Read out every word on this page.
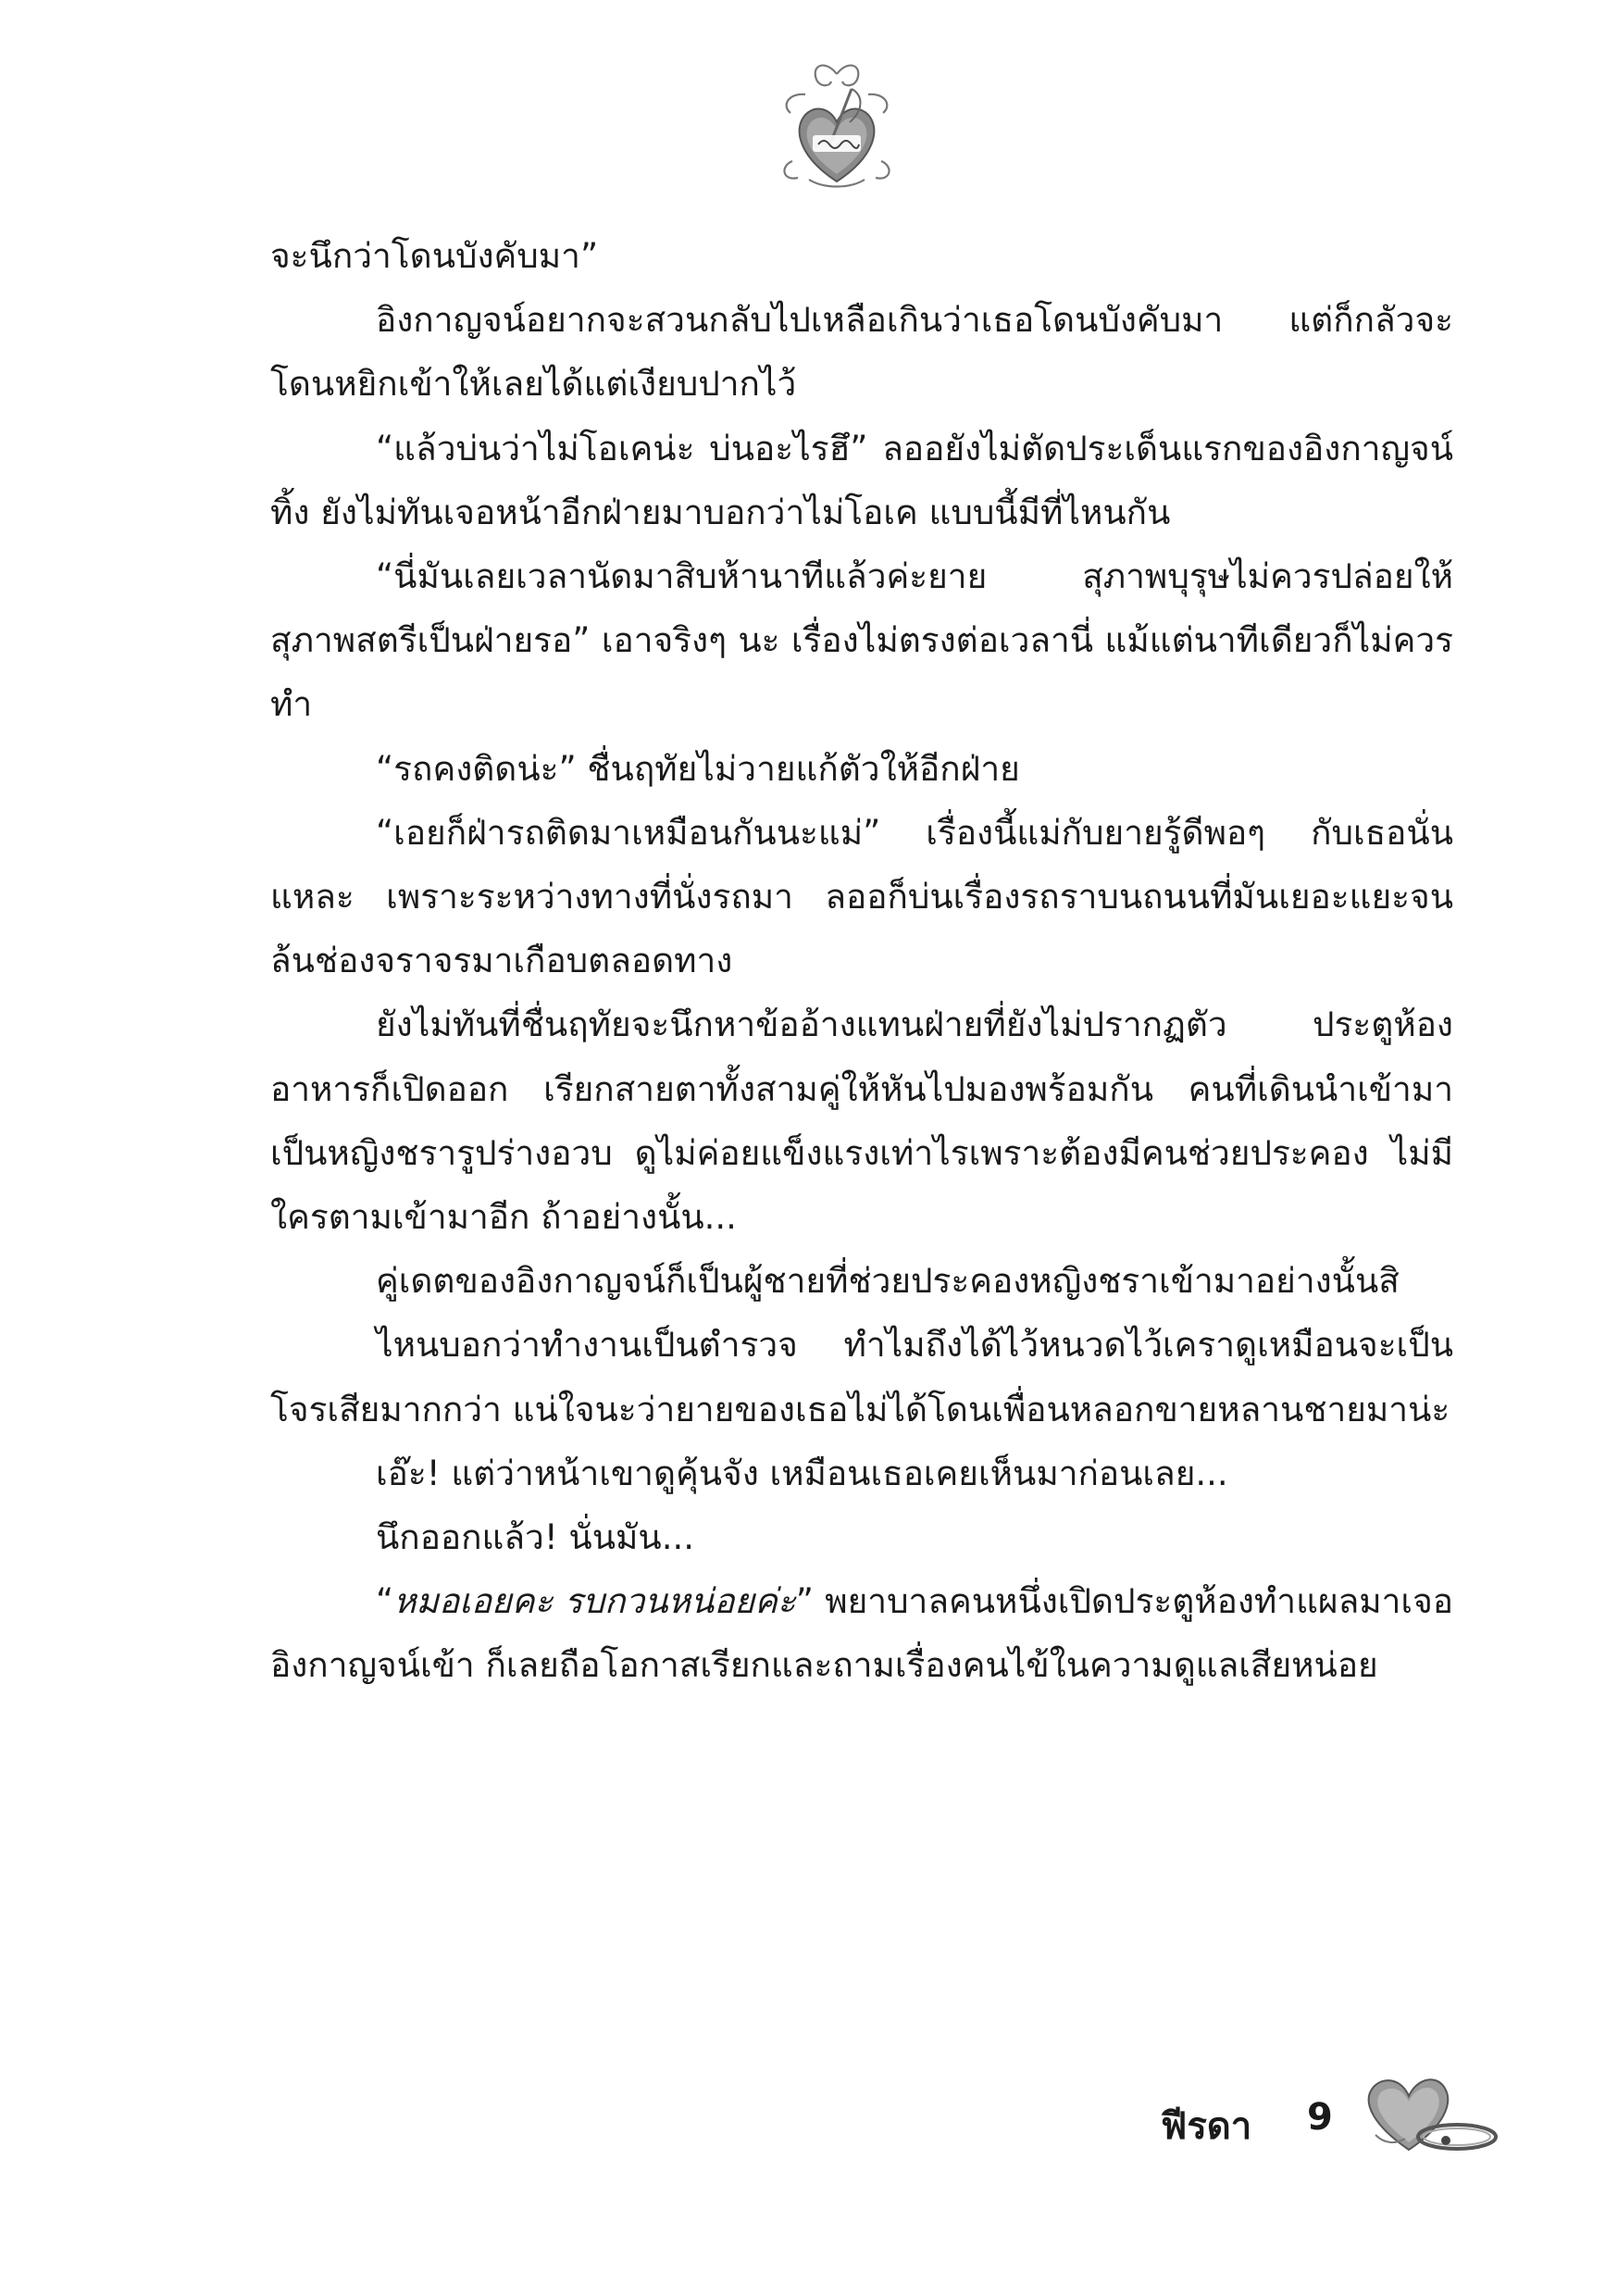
จะนึกว่าโดนบังคับมา”

อิงกาญจน์อยากจะสวนกลับไปเหลือเกินว่าเธอโดนบังคับมา แต่ก็กลัวจะโดนหยิกเข้าให้เลยได้แต่เงียบปากไว้

“แล้วบ่นว่าไม่โอเคน่ะ บ่นอะไรฮึ” ลออยังไม่ตัดประเด็นแรกของอิงกาญจน์ทิ้ง ยังไม่ทันเจอหน้าอีกฝ่ายมาบอกว่าไม่โอเค แบบนี้มีที่ไหนกัน

“นี่มันเลยเวลานัดมาสิบห้านาทีแล้วค่ะยาย สุภาพบุรุษไม่ควรปล่อยให้สุภาพสตรีเป็นฝ่ายรอ” เอาจริงๆ นะ เรื่องไม่ตรงต่อเวลานี่ แม้แต่นาทีเดียวก็ไม่ควรทำ

“รถคงติดน่ะ” ชื่นฤทัยไม่วายแก้ตัวให้อีกฝ่าย

“เอยก็ฝ่ารถติดมาเหมือนกันนะแม่” เรื่องนี้แม่กับยายรู้ดีพอๆ กับเธอนั่นแหละ เพราะระหว่างทางที่นั่งรถมา ลออก็บ่นเรื่องรถราบนถนนที่มันเยอะแยะจนล้นช่องจราจรมาเกือบตลอดทาง

ยังไม่ทันที่ชื่นฤทัยจะนึกหาข้ออ้างแทนฝ่ายที่ยังไม่ปรากฏตัว ประตูห้องอาหารก็เปิดออก เรียกสายตาทั้งสามคู่ให้หันไปมองพร้อมกัน คนที่เดินนำเข้ามาเป็นหญิงชรารูปร่างอวบ ดูไม่ค่อยแข็งแรงเท่าไรเพราะต้องมีคนช่วยประคอง ไม่มีใครตามเข้ามาอีก ถ้าอย่างนั้น...

คู่เดตของอิงกาญจน์ก็เป็นผู้ชายที่ช่วยประคองหญิงชราเข้ามาอย่างนั้นสิ

ไหนบอกว่าทำงานเป็นตำรวจ ทำไมถึงได้ไว้หนวดไว้เคราดูเหมือนจะเป็นโจรเสียมากกว่า แน่ใจนะว่ายายของเธอไม่ได้โดนเพื่อนหลอกขายหลานชายมาน่ะ

เอ๊ะ! แต่ว่าหน้าเขาดูคุ้นจัง เหมือนเธอเคยเห็นมาก่อนเลย...

นึกออกแล้ว! นั่นมัน...

“หมอเอยคะ รบกวนหน่อยค่ะ” พยาบาลคนหนึ่งเปิดประตูห้องทำแผลมาเจออิงกาญจน์เข้า ก็เลยถือโอกาสเรียกและถามเรื่องคนไข้ในความดูแลเสียหน่อย

ฟีรดา 9
